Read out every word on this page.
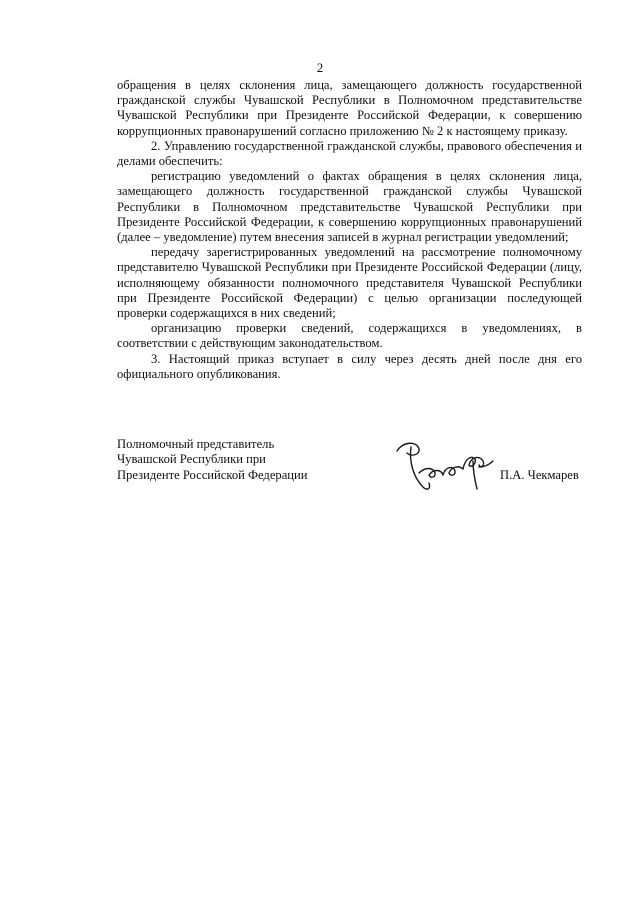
2

обращения в целях склонения лица, замещающего должность государственной гражданской службы Чувашской Республики в Полномочном представительстве Чувашской Республики при Президенте Российской Федерации, к совершению коррупционных правонарушений согласно приложению № 2 к настоящему приказу.

2. Управлению государственной гражданской службы, правового обеспечения и делами обеспечить:

регистрацию уведомлений о фактах обращения в целях склонения лица, замещающего должность государственной гражданской службы Чувашской Республики в Полномочном представительстве Чувашской Республики при Президенте Российской Федерации, к совершению коррупционных правонарушений (далее – уведомление) путем внесения записей в журнал регистрации уведомлений;

передачу зарегистрированных уведомлений на рассмотрение полномочному представителю Чувашской Республики при Президенте Российской Федерации (лицу, исполняющему обязанности полномочного представителя Чувашской Республики при Президенте Российской Федерации) с целью организации последующей проверки содержащихся в них сведений;

организацию проверки сведений, содержащихся в уведомлениях, в соответствии с действующим законодательством.

3. Настоящий приказ вступает в силу через десять дней после дня его официального опубликования.

Полномочный представитель
Чувашской Республики при
Президенте Российской Федерации	П.А. Чекмарев
